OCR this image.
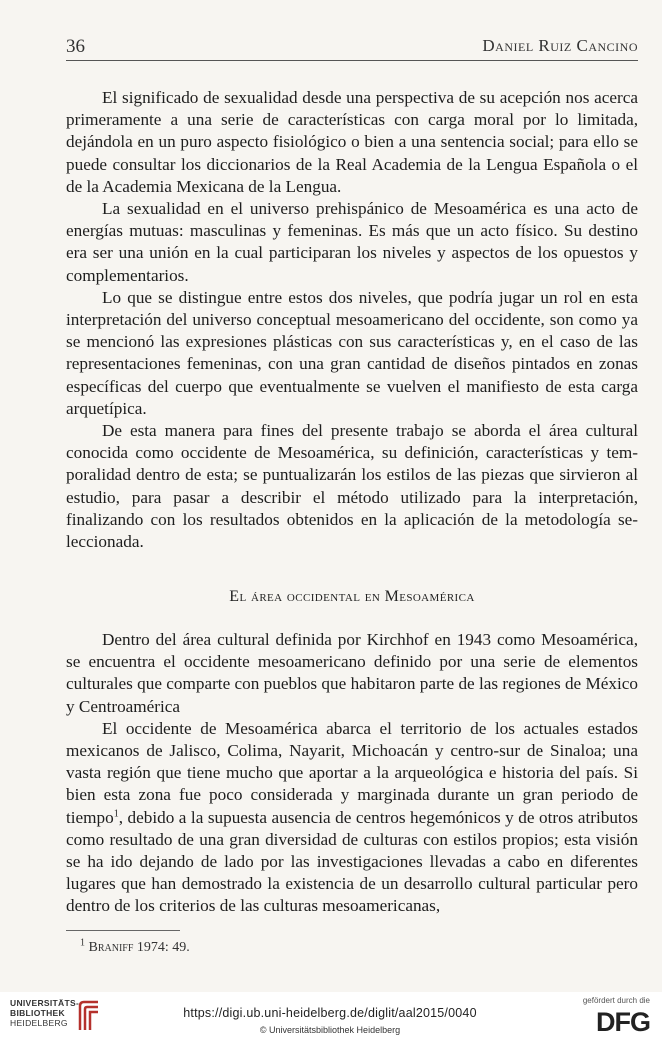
36	Daniel Ruiz Cancino

El significado de sexualidad desde una perspectiva de su acepción nos acerca primeramente a una serie de características con carga moral por lo limitada, dejándola en un puro aspecto fisiológico o bien a una sentencia social; para ello se puede consultar los diccionarios de la Real Academia de la Lengua Española o el de la Academia Mexicana de la Lengua.

La sexualidad en el universo prehispánico de Mesoamérica es una acto de energías mutuas: masculinas y femeninas. Es más que un acto físico. Su destino era ser una unión en la cual participaran los niveles y aspectos de los opuestos y complementarios.

Lo que se distingue entre estos dos niveles, que podría jugar un rol en esta interpretación del universo conceptual mesoamericano del occidente, son como ya se mencionó las expresiones plásticas con sus características y, en el caso de las representaciones femeninas, con una gran cantidad de diseños pintados en zonas específicas del cuerpo que eventualmente se vuelven el manifiesto de esta carga arquetípica.

De esta manera para fines del presente trabajo se aborda el área cultural conocida como occidente de Mesoamérica, su definición, características y temporalidad dentro de esta; se puntualizarán los estilos de las piezas que sirvieron al estudio, para pasar a describir el método utilizado para la interpretación, finalizando con los resultados obtenidos en la aplicación de la metodología seleccionada.

El área occidental en Mesoamérica

Dentro del área cultural definida por Kirchhof en 1943 como Mesoamérica, se encuentra el occidente mesoamericano definido por una serie de elementos culturales que comparte con pueblos que habitaron parte de las regiones de México y Centroamérica

El occidente de Mesoamérica abarca el territorio de los actuales estados mexicanos de Jalisco, Colima, Nayarit, Michoacán y centro-sur de Sinaloa; una vasta región que tiene mucho que aportar a la arqueológica e historia del país. Si bien esta zona fue poco considerada y marginada durante un gran periodo de tiempo$^1$, debido a la supuesta ausencia de centros hegemónicos y de otros atributos como resultado de una gran diversidad de culturas con estilos propios; esta visión se ha ido dejando de lado por las investigaciones llevadas a cabo en diferentes lugares que han demostrado la existencia de un desarrollo cultural particular pero dentro de los criterios de las culturas mesoamericanas,

$^1$ Braniff 1974: 49.
UNIVERSITÄTS-
BIBLIOTHEK
HEIDELBERG
https://digi.ub.uni-heidelberg.de/diglit/aal2015/0040
© Universitätsbibliothek Heidelberg
gefördert durch die
DFG
